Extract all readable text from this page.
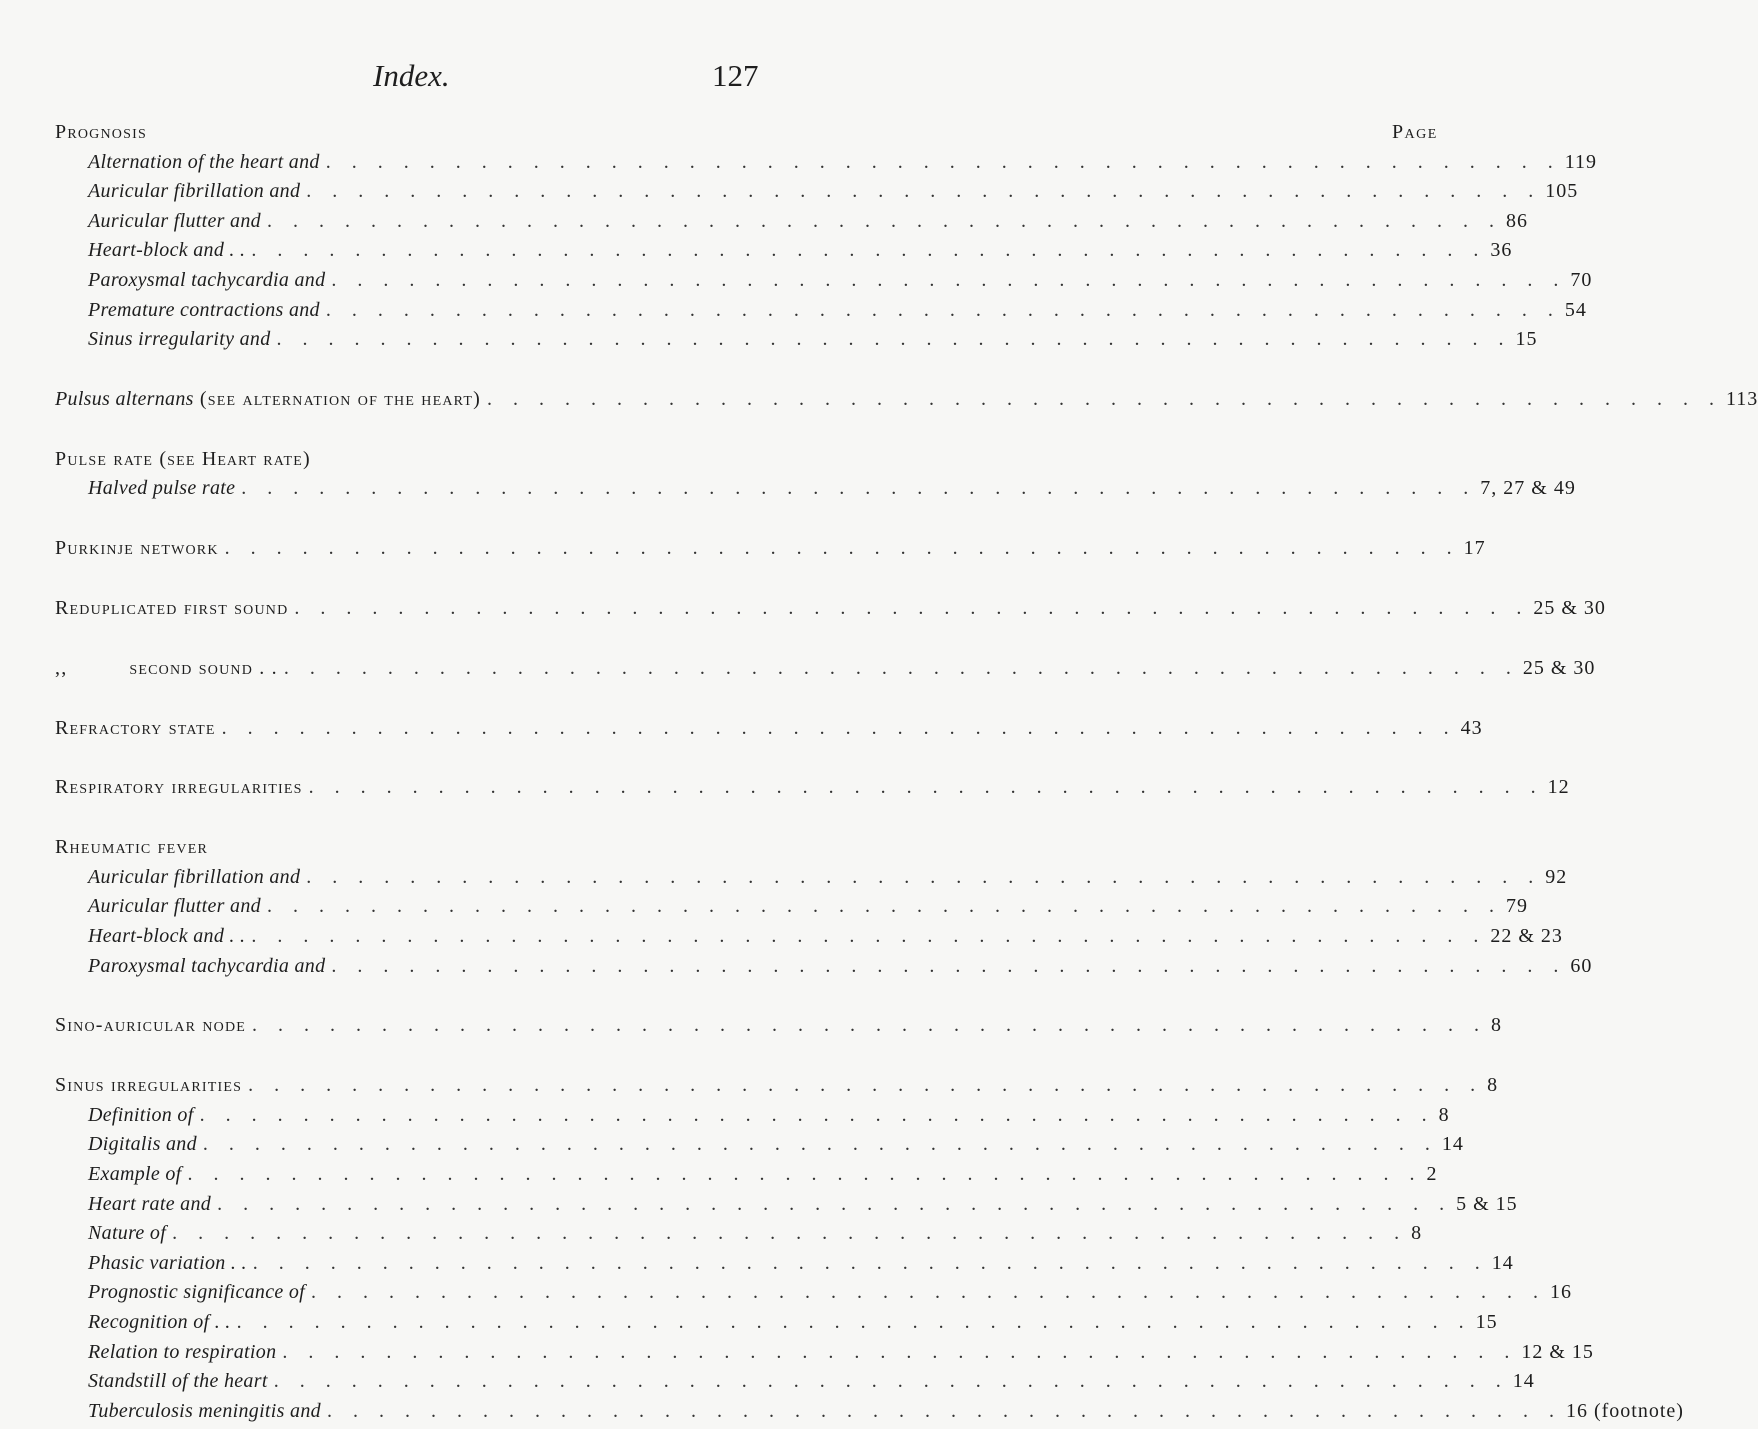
Index.	127
Prognosis	Page
Alternation of the heart and . . . . . . . . . . . . . . . . . . . . . . . . . . . . . . . . . . . . . . . . . . . . . . . . 119
Auricular fibrillation and . . . . . . . . . . . . . . . . . . . . . . . . . . . . . . . . . . . . . . . . . . . . . . . . 105
Auricular flutter and . . . . . . . . . . . . . . . . . . . . . . . . . . . . . . . . . . . . . . . . . . . . . . . . 86
Heart-block and . . . . . . . . . . . . . . . . . . . . . . . . . . . . . . . . . . . . . . . . . . . . . . . . . . 36
Paroxysmal tachycardia and . . . . . . . . . . . . . . . . . . . . . . . . . . . . . . . . . . . . . . . . . . . . . . . . 70
Premature contractions and . . . . . . . . . . . . . . . . . . . . . . . . . . . . . . . . . . . . . . . . . . . . . . . . 54
Sinus irregularity and . . . . . . . . . . . . . . . . . . . . . . . . . . . . . . . . . . . . . . . . . . . . . . . . 15
Pulsus alternans (see alternation of the heart) . . . . . . . . . . . . . . . . . . . . . . . . . . . . . . . . . . . . . . . . . . . . . . . . 113
Pulse rate (see Heart rate)
Halved pulse rate . . . . . . . . . . . . . . . . . . . . . . . . . . . . . . . . . . . . . . . . . . . . . . . . 7, 27 & 49
Purkinje network . . . . . . . . . . . . . . . . . . . . . . . . . . . . . . . . . . . . . . . . . . . . . . . . 17
Reduplicated first sound . . . . . . . . . . . . . . . . . . . . . . . . . . . . . . . . . . . . . . . . . . . . . . . . 25 & 30
,,          second sound . . . . . . . . . . . . . . . . . . . . . . . . . . . . . . . . . . . . . . . . . . . . . . . . . . 25 & 30
Refractory state . . . . . . . . . . . . . . . . . . . . . . . . . . . . . . . . . . . . . . . . . . . . . . . . 43
Respiratory irregularities . . . . . . . . . . . . . . . . . . . . . . . . . . . . . . . . . . . . . . . . . . . . . . . . 12
Rheumatic fever
Auricular fibrillation and . . . . . . . . . . . . . . . . . . . . . . . . . . . . . . . . . . . . . . . . . . . . . . . . 92
Auricular flutter and . . . . . . . . . . . . . . . . . . . . . . . . . . . . . . . . . . . . . . . . . . . . . . . . 79
Heart-block and . . . . . . . . . . . . . . . . . . . . . . . . . . . . . . . . . . . . . . . . . . . . . . . . . . 22 & 23
Paroxysmal tachycardia and . . . . . . . . . . . . . . . . . . . . . . . . . . . . . . . . . . . . . . . . . . . . . . . . 60
Sino-auricular node . . . . . . . . . . . . . . . . . . . . . . . . . . . . . . . . . . . . . . . . . . . . . . . . 8
Sinus irregularities . . . . . . . . . . . . . . . . . . . . . . . . . . . . . . . . . . . . . . . . . . . . . . . . 8
Definition of . . . . . . . . . . . . . . . . . . . . . . . . . . . . . . . . . . . . . . . . . . . . . . . . 8
Digitalis and . . . . . . . . . . . . . . . . . . . . . . . . . . . . . . . . . . . . . . . . . . . . . . . . 14
Example of . . . . . . . . . . . . . . . . . . . . . . . . . . . . . . . . . . . . . . . . . . . . . . . . 2
Heart rate and . . . . . . . . . . . . . . . . . . . . . . . . . . . . . . . . . . . . . . . . . . . . . . . . 5 & 15
Nature of . . . . . . . . . . . . . . . . . . . . . . . . . . . . . . . . . . . . . . . . . . . . . . . . 8
Phasic variation . . . . . . . . . . . . . . . . . . . . . . . . . . . . . . . . . . . . . . . . . . . . . . . . . . 14
Prognostic significance of . . . . . . . . . . . . . . . . . . . . . . . . . . . . . . . . . . . . . . . . . . . . . . . . 16
Recognition of . . . . . . . . . . . . . . . . . . . . . . . . . . . . . . . . . . . . . . . . . . . . . . . . . . 15
Relation to respiration . . . . . . . . . . . . . . . . . . . . . . . . . . . . . . . . . . . . . . . . . . . . . . . . 12 & 15
Standstill of the heart . . . . . . . . . . . . . . . . . . . . . . . . . . . . . . . . . . . . . . . . . . . . . . . . 14
Tuberculosis meningitis and . . . . . . . . . . . . . . . . . . . . . . . . . . . . . . . . . . . . . . . . . . . . . . . . 16 (footnote)
